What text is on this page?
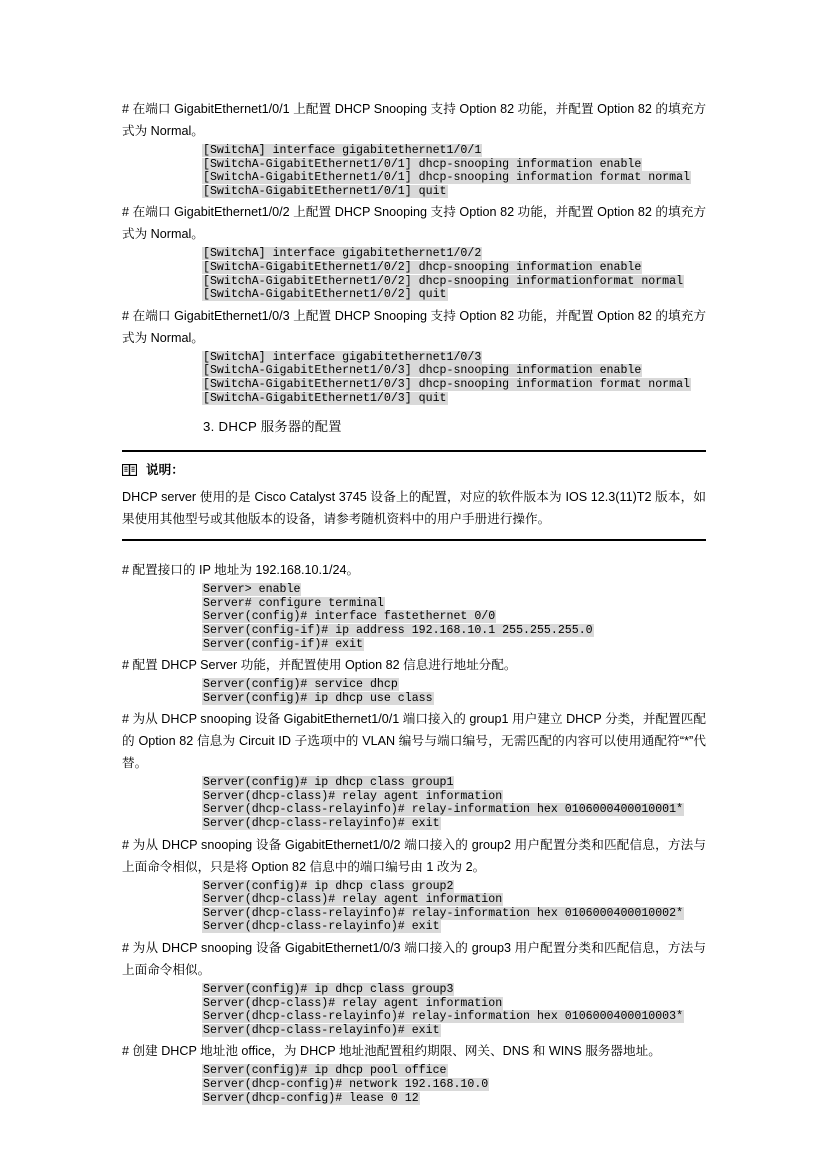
# 在端口 GigabitEthernet1/0/1 上配置 DHCP Snooping 支持 Option 82 功能，并配置 Option 82 的填充方式为 Normal。

[SwitchA] interface gigabitethernet1/0/1
[SwitchA-GigabitEthernet1/0/1] dhcp-snooping information enable
[SwitchA-GigabitEthernet1/0/1] dhcp-snooping information format normal
[SwitchA-GigabitEthernet1/0/1] quit

# 在端口 GigabitEthernet1/0/2 上配置 DHCP Snooping 支持 Option 82 功能，并配置 Option 82 的填充方式为 Normal。

[SwitchA] interface gigabitethernet1/0/2
[SwitchA-GigabitEthernet1/0/2] dhcp-snooping information enable
[SwitchA-GigabitEthernet1/0/2] dhcp-snooping informationformat normal
[SwitchA-GigabitEthernet1/0/2] quit

# 在端口 GigabitEthernet1/0/3 上配置 DHCP Snooping 支持 Option 82 功能，并配置 Option 82 的填充方式为 Normal。

[SwitchA] interface gigabitethernet1/0/3
[SwitchA-GigabitEthernet1/0/3] dhcp-snooping information enable
[SwitchA-GigabitEthernet1/0/3] dhcp-snooping information format normal
[SwitchA-GigabitEthernet1/0/3] quit
3. DHCP 服务器的配置
说明：

DHCP server 使用的是 Cisco Catalyst 3745 设备上的配置，对应的软件版本为 IOS 12.3(11)T2 版本，如果使用其他型号或其他版本的设备，请参考随机资料中的用户手册进行操作。

# 配置接口的 IP 地址为 192.168.10.1/24。

Server> enable
Server# configure terminal
Server(config)# interface fastethernet 0/0
Server(config-if)# ip address 192.168.10.1 255.255.255.0
Server(config-if)# exit

# 配置 DHCP Server 功能，并配置使用 Option 82 信息进行地址分配。

Server(config)# service dhcp
Server(config)# ip dhcp use class

# 为从 DHCP snooping 设备 GigabitEthernet1/0/1 端口接入的 group1 用户建立 DHCP 分类，并配置匹配的 Option 82 信息为 Circuit ID 子选项中的 VLAN 编号与端口编号，无需匹配的内容可以使用通配符“*”代替。

Server(config)# ip dhcp class group1
Server(dhcp-class)# relay agent information
Server(dhcp-class-relayinfo)# relay-information hex 0106000400010001*
Server(dhcp-class-relayinfo)# exit

# 为从 DHCP snooping 设备 GigabitEthernet1/0/2 端口接入的 group2 用户配置分类和匹配信息，方法与上面命令相似，只是将 Option 82 信息中的端口编号由 1 改为 2。

Server(config)# ip dhcp class group2
Server(dhcp-class)# relay agent information
Server(dhcp-class-relayinfo)# relay-information hex 0106000400010002*
Server(dhcp-class-relayinfo)# exit

# 为从 DHCP snooping 设备 GigabitEthernet1/0/3 端口接入的 group3 用户配置分类和匹配信息，方法与上面命令相似。

Server(config)# ip dhcp class group3
Server(dhcp-class)# relay agent information
Server(dhcp-class-relayinfo)# relay-information hex 0106000400010003*
Server(dhcp-class-relayinfo)# exit

# 创建 DHCP 地址池 office，为 DHCP 地址池配置租约期限、网关、DNS 和 WINS 服务器地址。

Server(config)# ip dhcp pool office
Server(dhcp-config)# network 192.168.10.0
Server(dhcp-config)# lease 0 12
